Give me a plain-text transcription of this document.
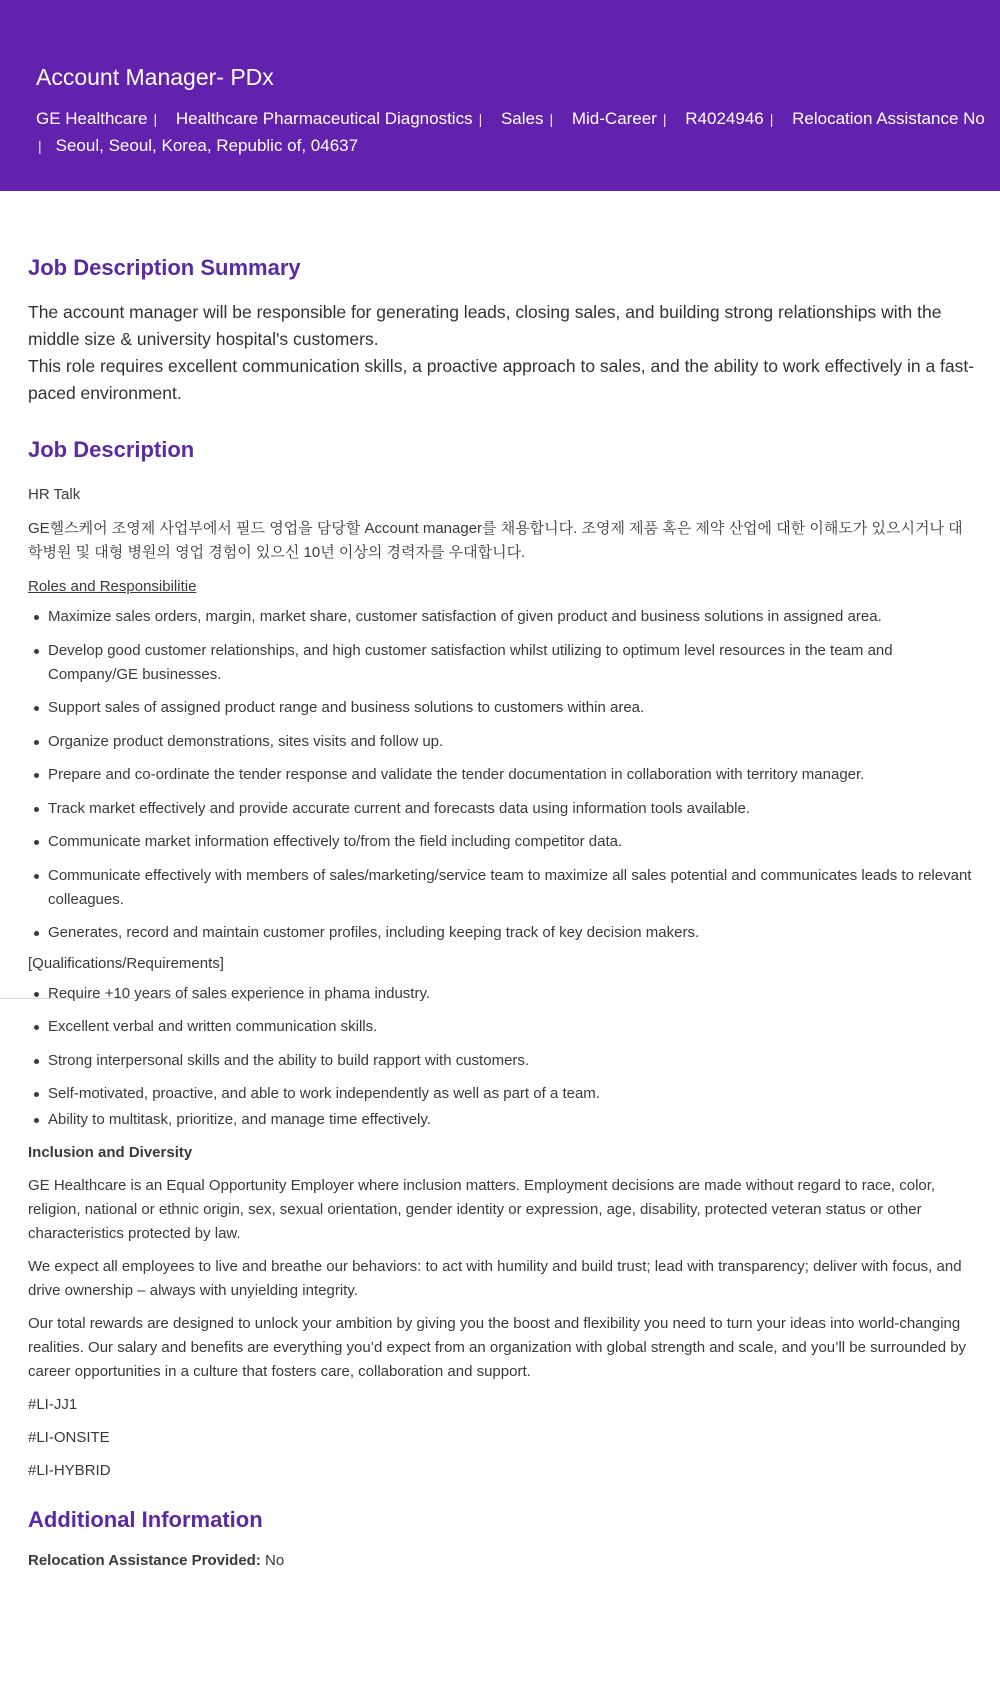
Account Manager- PDx
GE Healthcare | Healthcare Pharmaceutical Diagnostics | Sales | Mid-Career | R4024946 | Relocation Assistance No
| Seoul, Seoul, Korea, Republic of, 04637
Job Description Summary

The account manager will be responsible for generating leads, closing sales, and building strong relationships with the middle size & university hospital's customers.

This role requires excellent communication skills, a proactive approach to sales, and the ability to work effectively in a fast-paced environment.

Job Description

HR Talk

GE헬스케어 조영제 사업부에서 필드 영업을 담당할 Account manager를 채용합니다. 조영제 제품 혹은 제약 산업에 대한 이해도가 있으시거나 대학병원 및 대형 병원의 영업 경험이 있으신 10년 이상의 경력자를 우대합니다.

Roles and Responsibilitie

Maximize sales orders, margin, market share, customer satisfaction of given product and business solutions in assigned area.
Develop good customer relationships, and high customer satisfaction whilst utilizing to optimum level resources in the team and Company/GE businesses.
Support sales of assigned product range and business solutions to customers within area.
Organize product demonstrations, sites visits and follow up.
Prepare and co-ordinate the tender response and validate the tender documentation in collaboration with territory manager.
Track market effectively and provide accurate current and forecasts data using information tools available.
Communicate market information effectively to/from the field including competitor data.
Communicate effectively with members of sales/marketing/service team to maximize all sales potential and communicates leads to relevant colleagues.
Generates, record and maintain customer profiles, including keeping track of key decision makers.

[Qualifications/Requirements]

Require +10 years of sales experience in phama industry.
Excellent verbal and written communication skills.
Strong interpersonal skills and the ability to build rapport with customers.
Self-motivated, proactive, and able to work independently as well as part of a team.
Ability to multitask, prioritize, and manage time effectively.

Inclusion and Diversity

GE Healthcare is an Equal Opportunity Employer where inclusion matters. Employment decisions are made without regard to race, color, religion, national or ethnic origin, sex, sexual orientation, gender identity or expression, age, disability, protected veteran status or other characteristics protected by law.

We expect all employees to live and breathe our behaviors: to act with humility and build trust; lead with transparency; deliver with focus, and drive ownership – always with unyielding integrity.

Our total rewards are designed to unlock your ambition by giving you the boost and flexibility you need to turn your ideas into world-changing realities. Our salary and benefits are everything you’d expect from an organization with global strength and scale, and you’ll be surrounded by career opportunities in a culture that fosters care, collaboration and support.

#LI-JJ1

#LI-ONSITE

#LI-HYBRID

Additional Information

Relocation Assistance Provided: No
